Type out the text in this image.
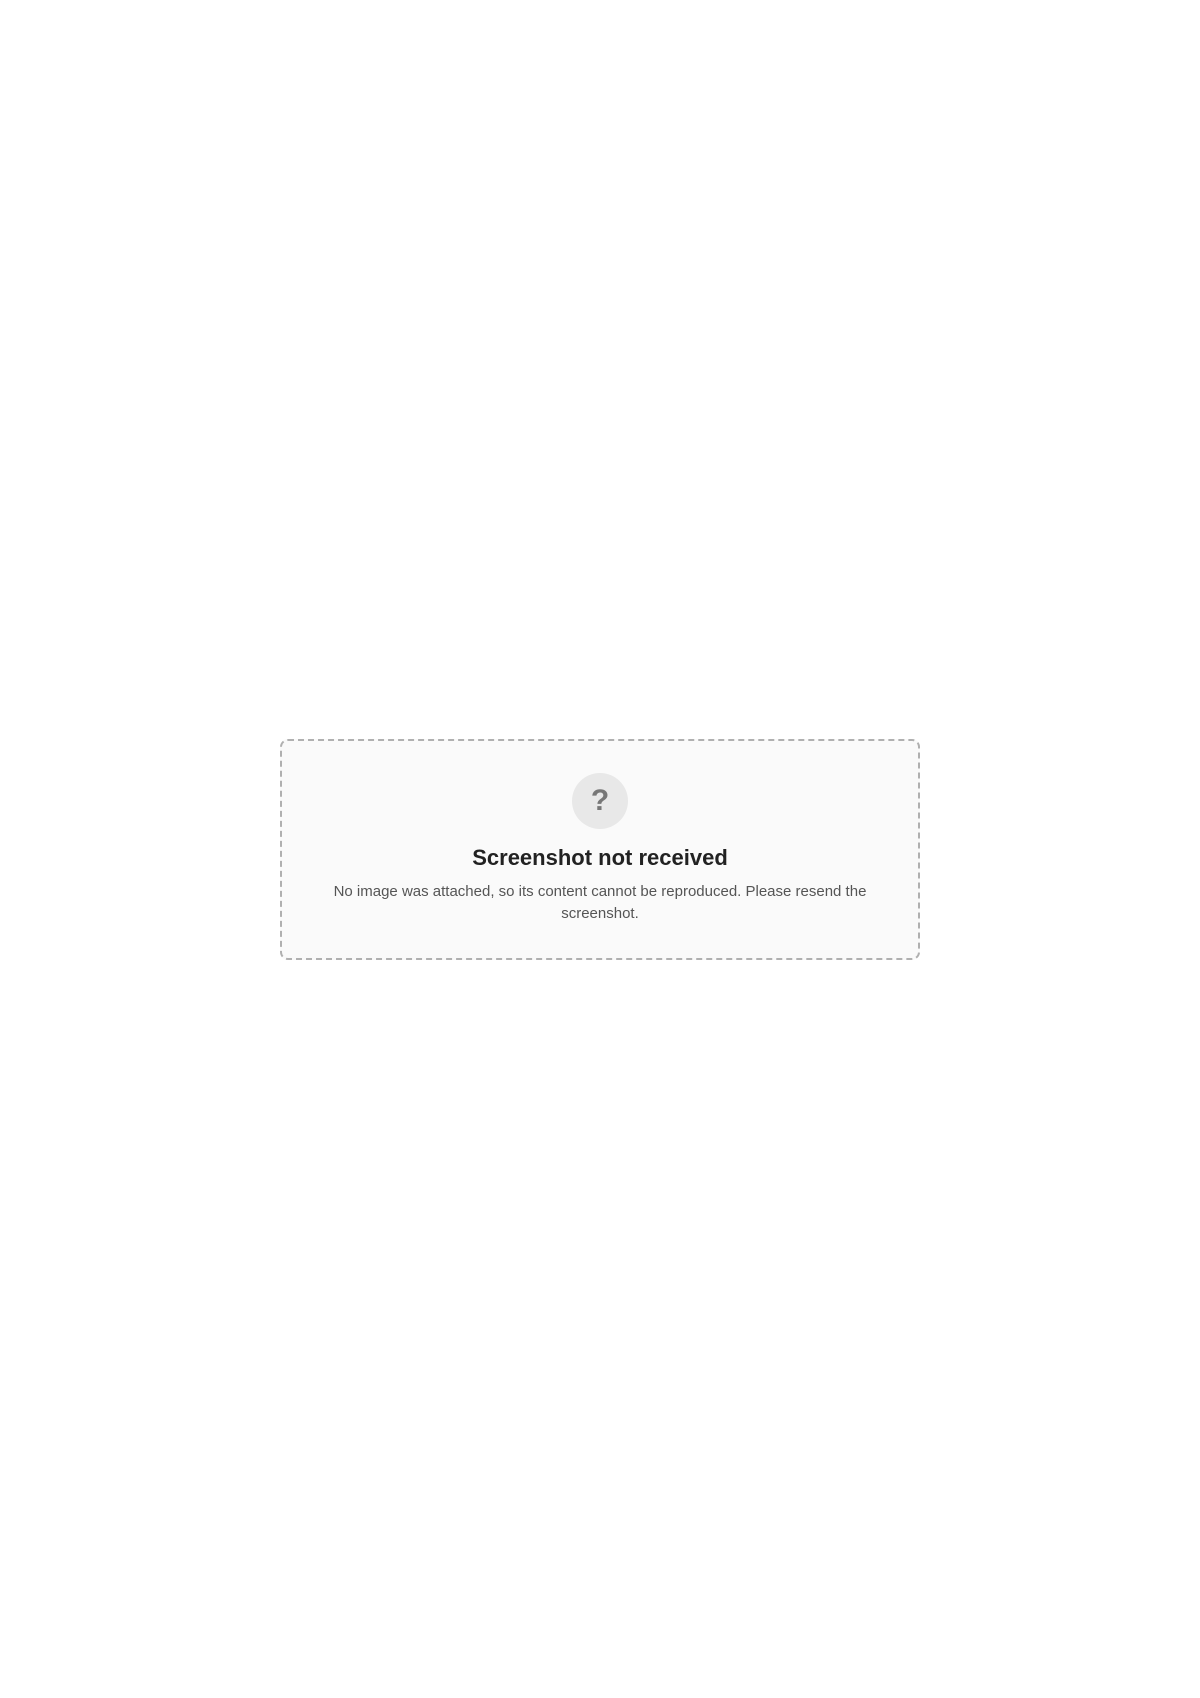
?

Screenshot not received

No image was attached, so its content cannot be reproduced. Please resend the screenshot.
